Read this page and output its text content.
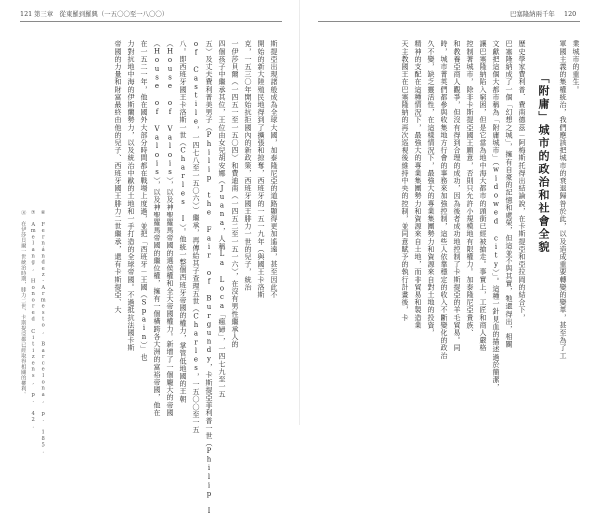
121 第三章　從東羅到羅興（一五〇〇至一八〇〇）
斯提亞出現諸般成為全球大國，加泰隆尼亞的道路顯得更加遙遠，甚至因此不
開始的新大陸殖民地得到了擴張和掠奪，西班牙的一五一九年（與國王卡洛斯
克，一五三〇年開始抗拒國內的新政策，西班牙國王腓力一世的兒子，統治
一伊莎貝爾（一四五一至一五〇四）和費迪南（一四五二至一五一六），在沒有男性繼承人的
四個孩子中繼承其位，王位由女兒胡安娜（Juana，人稱La Loca「瘋婦」，一四七九至一五
五）及丈夫費利普美男子（Philip the Fair of Burgundy，卡斯提亞菲利普一世（Philip I
of Castile，一四七八至一五〇六））繼承，再傳給其子查理五世（Charles，一五〇〇至一五
八。即西班牙國王卡洛斯一世（Charles I）。他統一整個西班牙帝國的權力，掌管低地國的王朝
（House of Valois），以及神聖羅馬帝國的選侯權和全大帝國權力。新增了一個龐大的帝國
（House of Valois），以及神聖羅馬帝國的繼位權，擁有一個橫跨各大洲的富裕帝國，他在
在一五二一年，他在國外大部分時間都在戰場上度過，並把「西班牙－王國（Spain）」也
力對抗地中海的伊斯蘭勢力，以及統治中歐的土地和一手打造的全球帝國。不過抵抗法國卡斯
帝國的力量和財富最終由他的兒子、西班牙國王腓力二世繼承，還有卡斯提亞、大
⑥　Fernández-Armesto, Barcelona, p. 185.
⑦　Amelang, Honored Citizens, p. 42.
⑧　在伊莎貝爾一世統治時期，腓力二世、卡斯提亞都已經取得相關的權利。
巴塞隆納兩千年 120
業城市的重生。
軍國主義的集權統治，我們應該把城市的衰退歸咎於此，以及造成重要轉變的變革，甚至為了工
「附庸」城市的政治和社會全貌
歷史學家費利普．費南德茲－阿梅斯托得出結論說，在卡斯提亞和亞拉岡的結合下，
巴塞隆納成了一個「幻想之城」，擁有自豪的記憶和處榮，但這並不與其實，牠還得出，相關
文獻把這個大都市稱為「附庸城市」（widowed city）」。這種一針見血的描述過於簡潔，
讓巴塞隆納陷入窮困，但是它當為地中海大都市的頭銜已經被搶走。事實上，工匠和商人嚴格
控制著城市，除非卡斯提亞國王願意，否則只允許小規模地有限權力。加泰隆尼亞貴族、
和教養亞商人觀爭，但沒有得到合理的成功，因為後者成功地控制了卡斯提亞的羊毛貿易。同
時，城市菁英們都參與收集地方行會的事務來加強控制，這些人依靠穩定的收入不斷變化的政治
久不變，缺乏靈活性，在這樣情況下，最強大的專業集團勢力和資源來自對土地的投資，
精神的支配在這種情況下，最強大的專業集團勢力和資源來自土地，而非貿易和製造業
天主教國王在巴塞隆納的再次巡視後維持中央的控制，並同意賦予的執行計畫後，卡
